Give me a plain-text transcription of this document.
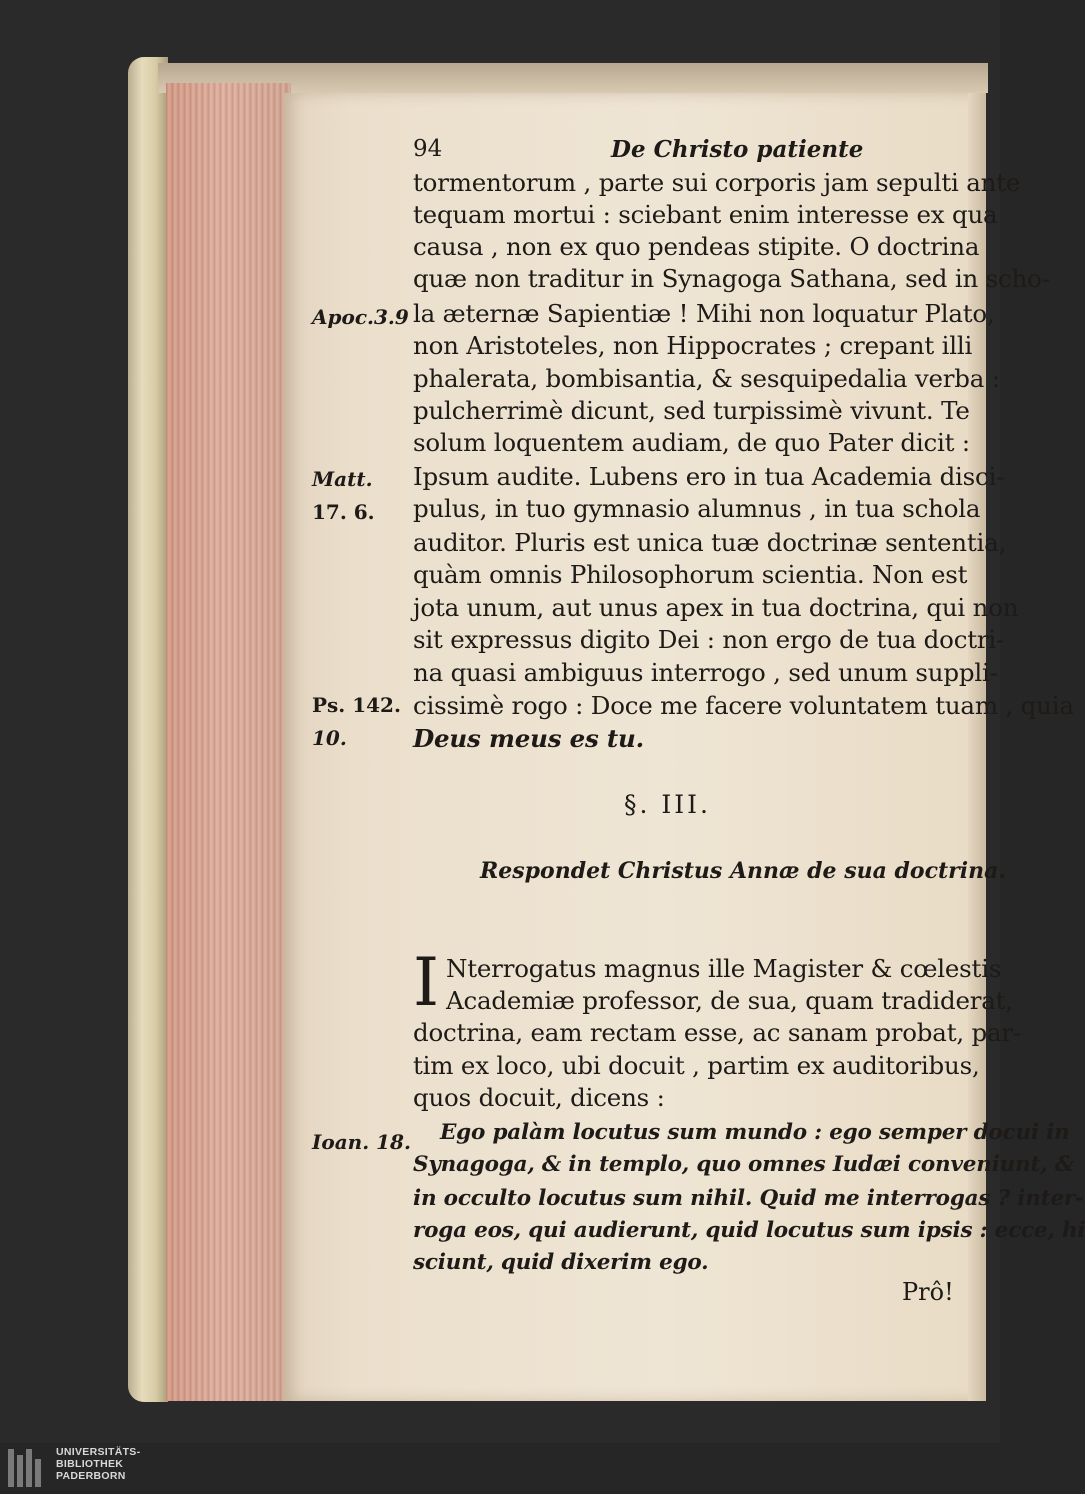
94	De Christo patiente
tormentorum , parte sui corporis jam sepulti ante
tequam mortui : sciebant enim interesse ex qua
causa , non ex quo pendeas stipite. O doctrina
quæ non traditur in Synagoga Sathana, sed in scho-
la æternæ Sapientiæ ! Mihi non loquatur Plato,
non Aristoteles, non Hippocrates ; crepant illi
phalerata, bombisantia, & sesquipedalia verba :
pulcherrimè dicunt, sed turpissimè vivunt. Te
solum loquentem audiam, de quo Pater dicit :
Ipsum audite. Lubens ero in tua Academia disci-
pulus, in tuo gymnasio alumnus , in tua schola
auditor. Pluris est unica tuæ doctrinæ sententia,
quàm omnis Philosophorum scientia. Non est
jota unum, aut unus apex in tua doctrina, qui non
sit expressus digito Dei : non ergo de tua doctri-
na quasi ambiguus interrogo , sed unum suppli-
cissimè rogo : Doce me facere voluntatem tuam , quia
Deus meus es tu.
Apoc.3.9
Matt.
17. 6.
Ps. 142.
10.
Ioan. 18.
§. III.
Respondet Christus Annæ de sua doctrina.
I Nterrogatus magnus ille Magister & cœlestis
Academiæ professor, de sua, quam tradiderat,
doctrina, eam rectam esse, ac sanam probat, par-
tim ex loco, ubi docuit , partim ex auditoribus,
quos docuit, dicens :
Ego palàm locutus sum mundo : ego semper docui in
Synagoga, & in templo, quo omnes Iudæi conveniunt, &
in occulto locutus sum nihil. Quid me interrogas ? inter-
roga eos, qui audierunt, quid locutus sum ipsis : ecce, hi
sciunt, quid dixerim ego.
Prô!
UNIVERSITÄTS-
BIBLIOTHEK
PADERBORN
